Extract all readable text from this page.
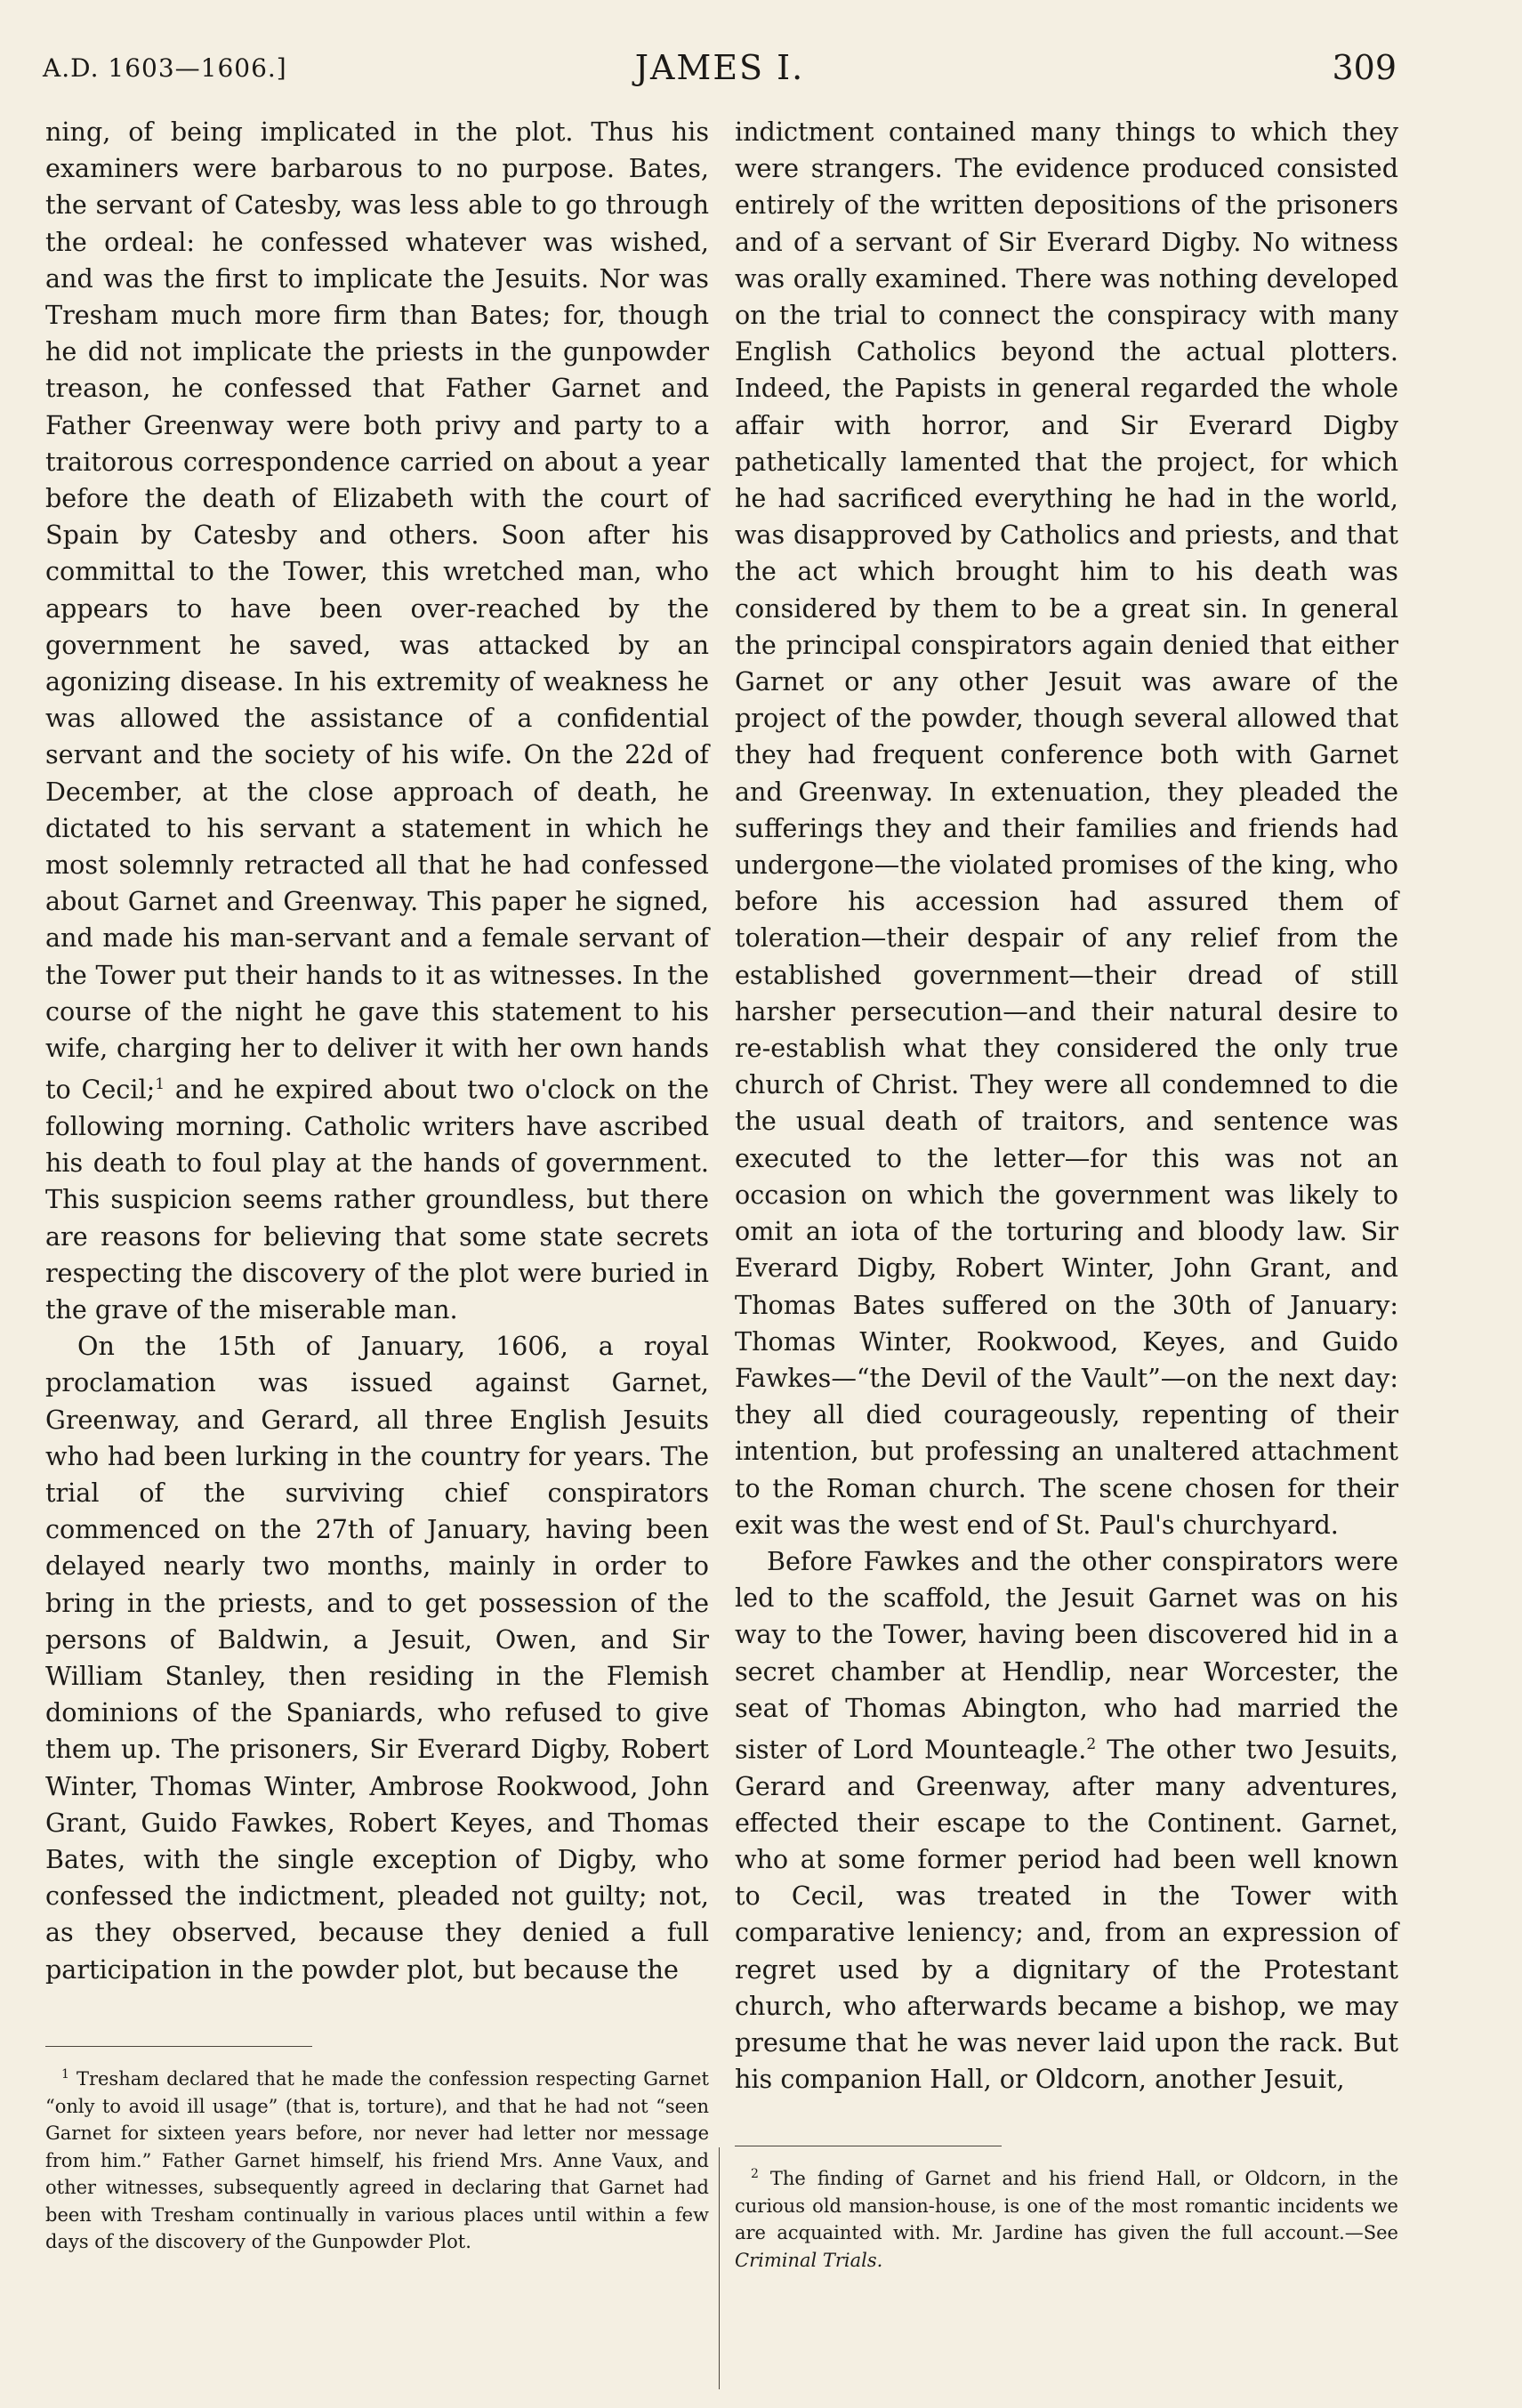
A.D. 1603—1606.]	JAMES I.	309

ning, of being implicated in the plot. Thus his examiners were barbarous to no purpose. Bates, the servant of Catesby, was less able to go through the ordeal: he confessed whatever was wished, and was the first to implicate the Jesuits. Nor was Tresham much more firm than Bates; for, though he did not implicate the priests in the gunpowder treason, he confessed that Father Garnet and Father Greenway were both privy and party to a traitorous correspondence carried on about a year before the death of Elizabeth with the court of Spain by Catesby and others. Soon after his committal to the Tower, this wretched man, who appears to have been over-reached by the government he saved, was attacked by an agonizing disease. In his extremity of weakness he was allowed the assistance of a confidential servant and the society of his wife. On the 22d of December, at the close approach of death, he dictated to his servant a statement in which he most solemnly retracted all that he had confessed about Garnet and Greenway. This paper he signed, and made his man-servant and a female servant of the Tower put their hands to it as witnesses. In the course of the night he gave this statement to his wife, charging her to deliver it with her own hands to Cecil;$^1$ and he expired about two o'clock on the following morning. Catholic writers have ascribed his death to foul play at the hands of government. This suspicion seems rather groundless, but there are reasons for believing that some state secrets respecting the discovery of the plot were buried in the grave of the miserable man.

On the 15th of January, 1606, a royal proclamation was issued against Garnet, Greenway, and Gerard, all three English Jesuits who had been lurking in the country for years. The trial of the surviving chief conspirators commenced on the 27th of January, having been delayed nearly two months, mainly in order to bring in the priests, and to get possession of the persons of Baldwin, a Jesuit, Owen, and Sir William Stanley, then residing in the Flemish dominions of the Spaniards, who refused to give them up. The prisoners, Sir Everard Digby, Robert Winter, Thomas Winter, Ambrose Rookwood, John Grant, Guido Fawkes, Robert Keyes, and Thomas Bates, with the single exception of Digby, who confessed the indictment, pleaded not guilty; not, as they observed, because they denied a full participation in the powder plot, but because the

indictment contained many things to which they were strangers. The evidence produced consisted entirely of the written depositions of the prisoners and of a servant of Sir Everard Digby. No witness was orally examined. There was nothing developed on the trial to connect the conspiracy with many English Catholics beyond the actual plotters. Indeed, the Papists in general regarded the whole affair with horror, and Sir Everard Digby pathetically lamented that the project, for which he had sacrificed everything he had in the world, was disapproved by Catholics and priests, and that the act which brought him to his death was considered by them to be a great sin. In general the principal conspirators again denied that either Garnet or any other Jesuit was aware of the project of the powder, though several allowed that they had frequent conference both with Garnet and Greenway. In extenuation, they pleaded the sufferings they and their families and friends had undergone—the violated promises of the king, who before his accession had assured them of toleration—their despair of any relief from the established government—their dread of still harsher persecution—and their natural desire to re-establish what they considered the only true church of Christ. They were all condemned to die the usual death of traitors, and sentence was executed to the letter—for this was not an occasion on which the government was likely to omit an iota of the torturing and bloody law. Sir Everard Digby, Robert Winter, John Grant, and Thomas Bates suffered on the 30th of January: Thomas Winter, Rookwood, Keyes, and Guido Fawkes—“the Devil of the Vault”—on the next day: they all died courageously, repenting of their intention, but professing an unaltered attachment to the Roman church. The scene chosen for their exit was the west end of St. Paul's churchyard.

Before Fawkes and the other conspirators were led to the scaffold, the Jesuit Garnet was on his way to the Tower, having been discovered hid in a secret chamber at Hendlip, near Worcester, the seat of Thomas Abington, who had married the sister of Lord Mounteagle.$^2$ The other two Jesuits, Gerard and Greenway, after many adventures, effected their escape to the Continent. Garnet, who at some former period had been well known to Cecil, was treated in the Tower with comparative leniency; and, from an expression of regret used by a dignitary of the Protestant church, who afterwards became a bishop, we may presume that he was never laid upon the rack. But his companion Hall, or Oldcorn, another Jesuit,

$^1$ Tresham declared that he made the confession respecting Garnet “only to avoid ill usage” (that is, torture), and that he had not “seen Garnet for sixteen years before, nor never had letter nor message from him.” Father Garnet himself, his friend Mrs. Anne Vaux, and other witnesses, subsequently agreed in declaring that Garnet had been with Tresham continually in various places until within a few days of the discovery of the Gunpowder Plot.

$^2$ The finding of Garnet and his friend Hall, or Oldcorn, in the curious old mansion-house, is one of the most romantic incidents we are acquainted with. Mr. Jardine has given the full account.—See Criminal Trials.
